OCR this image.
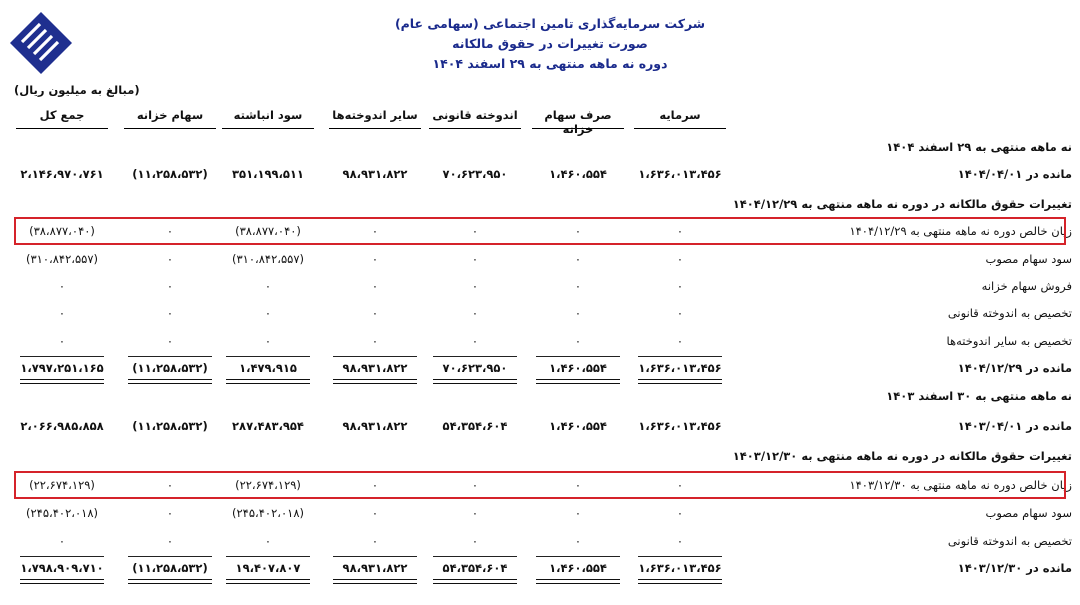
شرکت سرمایه‌گذاری تامین اجتماعی (سهامی عام)
صورت تغییرات در حقوق مالکانه
دوره نه ماهه منتهی به ۲۹ اسفند ۱۴۰۴
(مبالغ به میلیون ریال)
سرمایه
صرف سهام خزانه
اندوخته قانونی
سایر اندوخته‌ها
سود انباشته
سهام خزانه
جمع کل
نه ماهه منتهی به ۲۹ اسفند ۱۴۰۴
مانده در ۱۴۰۴/۰۴/۰۱
۱،۶۳۶،۰۱۳،۴۵۶
۱،۴۶۰،۵۵۴
۷۰،۶۲۳،۹۵۰
۹۸،۹۳۱،۸۲۲
۳۵۱،۱۹۹،۵۱۱
(۱۱،۲۵۸،۵۳۲)
۲،۱۴۶،۹۷۰،۷۶۱
تغییرات حقوق مالکانه در دوره نه ماهه منتهی به ۱۴۰۴/۱۲/۲۹
زیان خالص دوره نه ماهه منتهی به ۱۴۰۴/۱۲/۲۹
۰
۰
۰
۰
(۳۸،۸۷۷،۰۴۰)
۰
(۳۸،۸۷۷،۰۴۰)
سود سهام مصوب
۰
۰
۰
۰
(۳۱۰،۸۴۲،۵۵۷)
۰
(۳۱۰،۸۴۲،۵۵۷)
فروش سهام خزانه
۰
۰
۰
۰
۰
۰
۰
تخصیص به اندوخته قانونی
۰
۰
۰
۰
۰
۰
۰
تخصیص به سایر اندوخته‌ها
۰
۰
۰
۰
۰
۰
۰
مانده در ۱۴۰۴/۱۲/۲۹
۱،۶۳۶،۰۱۳،۴۵۶
۱،۴۶۰،۵۵۴
۷۰،۶۲۳،۹۵۰
۹۸،۹۳۱،۸۲۲
۱،۴۷۹،۹۱۵
(۱۱،۲۵۸،۵۳۲)
۱،۷۹۷،۲۵۱،۱۶۵
نه ماهه منتهی به ۳۰ اسفند ۱۴۰۳
مانده در ۱۴۰۳/۰۴/۰۱
۱،۶۳۶،۰۱۳،۴۵۶
۱،۴۶۰،۵۵۴
۵۴،۳۵۴،۶۰۴
۹۸،۹۳۱،۸۲۲
۲۸۷،۴۸۳،۹۵۴
(۱۱،۲۵۸،۵۳۲)
۲،۰۶۶،۹۸۵،۸۵۸
تغییرات حقوق مالکانه در دوره نه ماهه منتهی به ۱۴۰۳/۱۲/۳۰
زیان خالص دوره نه ماهه منتهی به ۱۴۰۳/۱۲/۳۰
۰
۰
۰
۰
(۲۲،۶۷۴،۱۲۹)
۰
(۲۲،۶۷۴،۱۲۹)
سود سهام مصوب
۰
۰
۰
۰
(۲۴۵،۴۰۲،۰۱۸)
۰
(۲۴۵،۴۰۲،۰۱۸)
تخصیص به اندوخته قانونی
۰
۰
۰
۰
۰
۰
۰
مانده در ۱۴۰۳/۱۲/۳۰
۱،۶۳۶،۰۱۳،۴۵۶
۱،۴۶۰،۵۵۴
۵۴،۳۵۴،۶۰۴
۹۸،۹۳۱،۸۲۲
۱۹،۴۰۷،۸۰۷
(۱۱،۲۵۸،۵۳۲)
۱،۷۹۸،۹۰۹،۷۱۰
